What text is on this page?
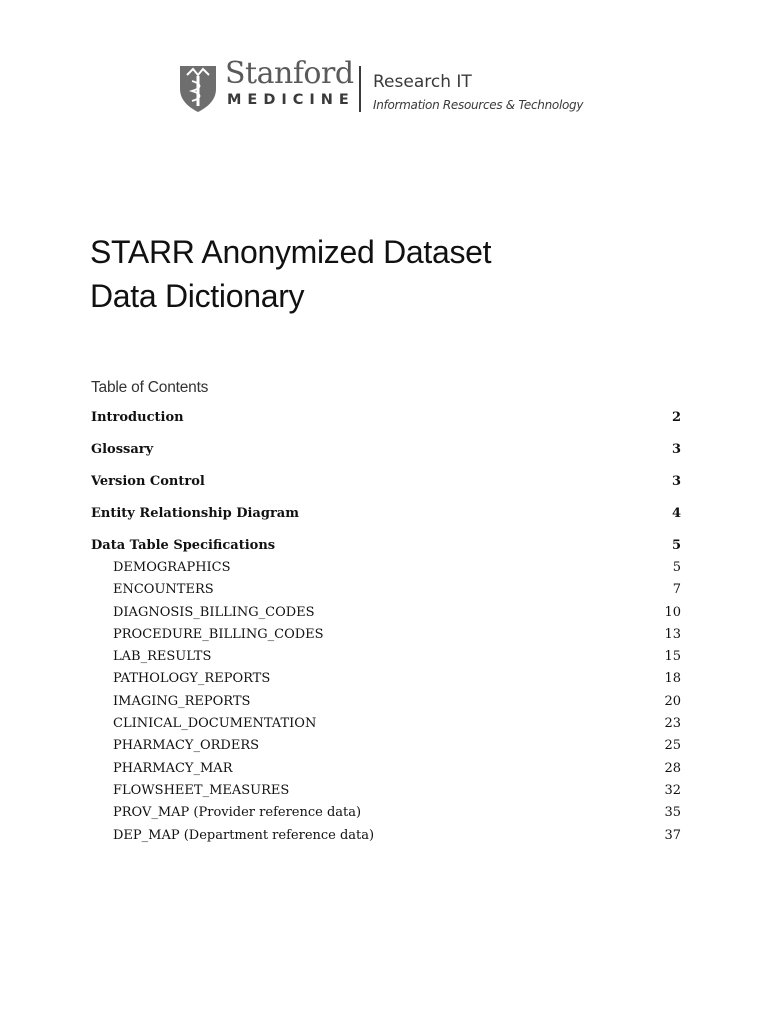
Stanford
MEDICINE
Research IT
Information Resources & Technology
STARR Anonymized Dataset
Data Dictionary
Table of Contents
Introduction	2
Glossary	3
Version Control	3
Entity Relationship Diagram	4
Data Table Specifications	5
DEMOGRAPHICS	5
ENCOUNTERS	7
DIAGNOSIS_BILLING_CODES	10
PROCEDURE_BILLING_CODES	13
LAB_RESULTS	15
PATHOLOGY_REPORTS	18
IMAGING_REPORTS	20
CLINICAL_DOCUMENTATION	23
PHARMACY_ORDERS	25
PHARMACY_MAR	28
FLOWSHEET_MEASURES	32
PROV_MAP (Provider reference data)	35
DEP_MAP (Department reference data)	37
